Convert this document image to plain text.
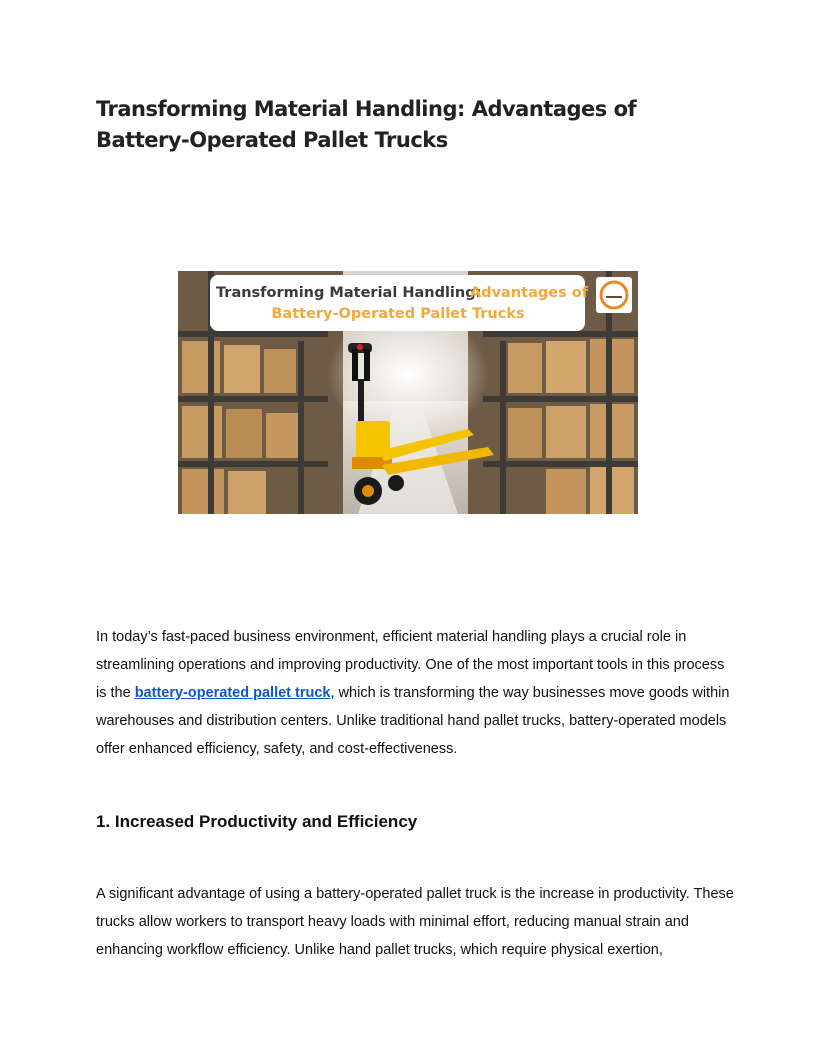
Transforming Material Handling: Advantages of
Battery-Operated Pallet Trucks
Transforming Material Handling:
Advantages of
Battery-Operated Pallet Trucks

In today’s fast-paced business environment, efficient material handling plays a crucial role in streamlining operations and improving productivity. One of the most important tools in this process is the battery-operated pallet truck, which is transforming the way businesses move goods within warehouses and distribution centers. Unlike traditional hand pallet trucks, battery-operated models offer enhanced efficiency, safety, and cost-effectiveness.

1. Increased Productivity and Efficiency

A significant advantage of using a battery-operated pallet truck is the increase in productivity. These trucks allow workers to transport heavy loads with minimal effort, reducing manual strain and enhancing workflow efficiency. Unlike hand pallet trucks, which require physical exertion,
